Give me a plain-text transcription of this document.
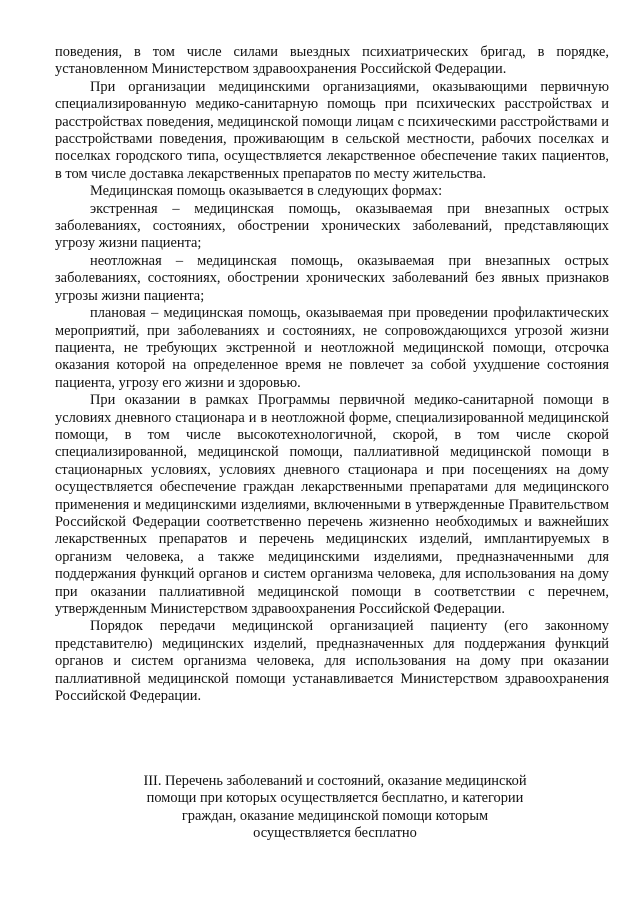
поведения, в том числе силами выездных психиатрических бригад, в порядке, установленном Министерством здравоохранения Российской Федерации.

При организации медицинскими организациями, оказывающими первичную специализированную медико-санитарную помощь при психических расстройствах и расстройствах поведения, медицинской помощи лицам с психическими расстройствами и расстройствами поведения, проживающим в сельской местности, рабочих поселках и поселках городского типа, осуществляется лекарственное обеспечение таких пациентов, в том числе доставка лекарственных препаратов по месту жительства.

Медицинская помощь оказывается в следующих формах:

экстренная – медицинская помощь, оказываемая при внезапных острых заболеваниях, состояниях, обострении хронических заболеваний, представляющих угрозу жизни пациента;

неотложная – медицинская помощь, оказываемая при внезапных острых заболеваниях, состояниях, обострении хронических заболеваний без явных признаков угрозы жизни пациента;

плановая – медицинская помощь, оказываемая при проведении профилактических мероприятий, при заболеваниях и состояниях, не сопровождающихся угрозой жизни пациента, не требующих экстренной и неотложной медицинской помощи, отсрочка оказания которой на определенное время не повлечет за собой ухудшение состояния пациента, угрозу его жизни и здоровью.

При оказании в рамках Программы первичной медико-санитарной помощи в условиях дневного стационара и в неотложной форме, специализированной медицинской помощи, в том числе высокотехнологичной, скорой, в том числе скорой специализированной, медицинской помощи, паллиативной медицинской помощи в стационарных условиях, условиях дневного стационара и при посещениях на дому осуществляется обеспечение граждан лекарственными препаратами для медицинского применения и медицинскими изделиями, включенными в утвержденные Правительством Российской Федерации соответственно перечень жизненно необходимых и важнейших лекарственных препаратов и перечень медицинских изделий, имплантируемых в организм человека, а также медицинскими изделиями, предназначенными для поддержания функций органов и систем организма человека, для использования на дому при оказании паллиативной медицинской помощи в соответствии с перечнем, утвержденным Министерством здравоохранения Российской Федерации.

Порядок передачи медицинской организацией пациенту (его законному представителю) медицинских изделий, предназначенных для поддержания функций органов и систем организма человека, для использования на дому при оказании паллиативной медицинской помощи устанавливается Министерством здравоохранения Российской Федерации.

III. Перечень заболеваний и состояний, оказание медицинской
помощи при которых осуществляется бесплатно, и категории
граждан, оказание медицинской помощи которым
осуществляется бесплатно
